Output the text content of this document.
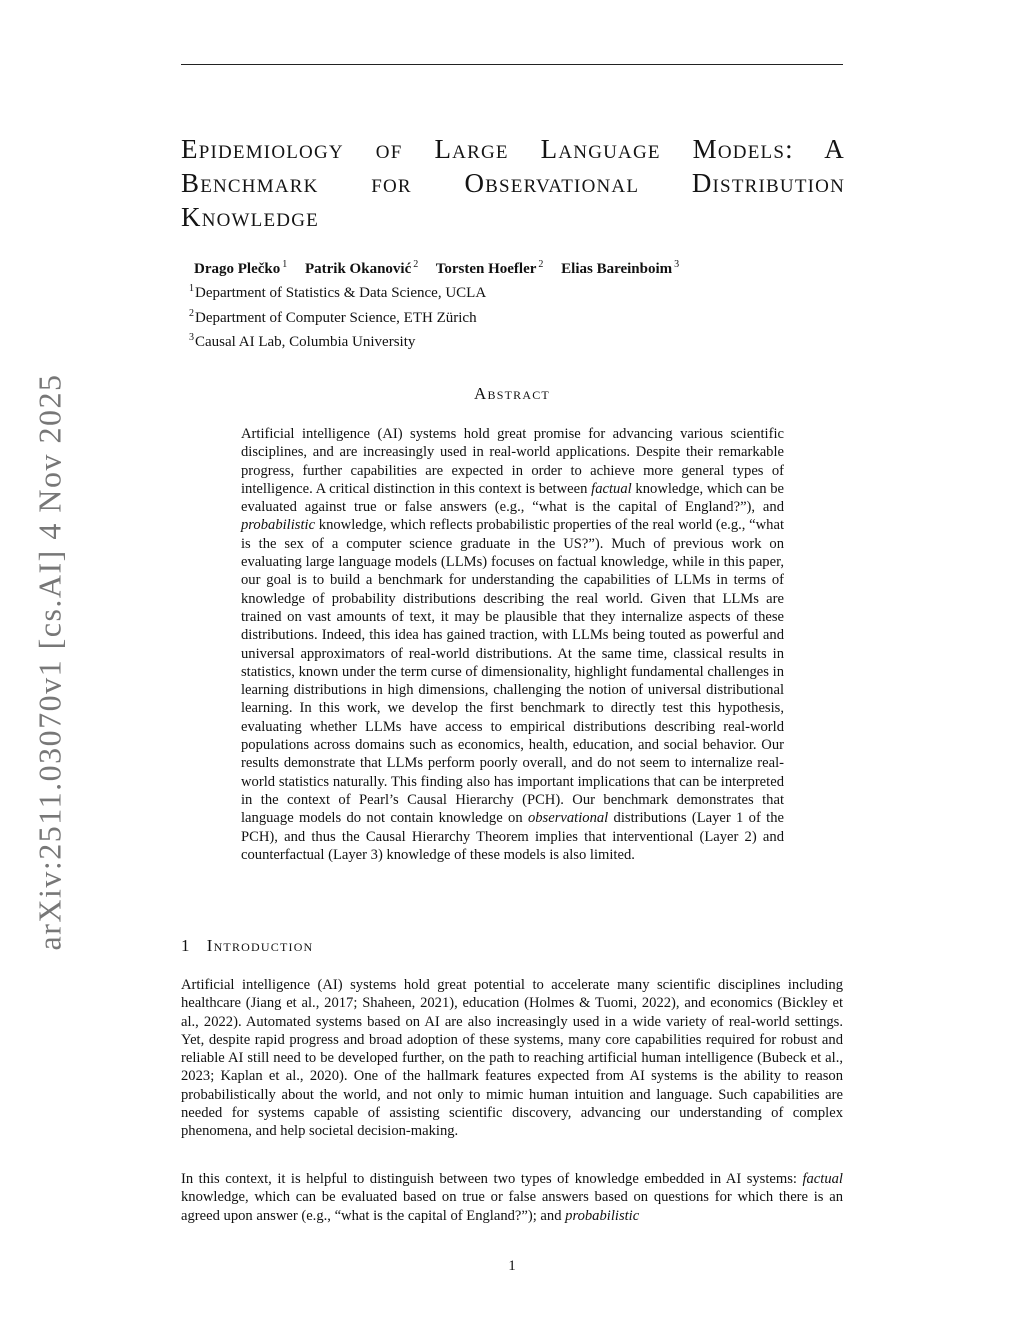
arXiv:2511.03070v1 [cs.AI] 4 Nov 2025
Epidemiology of Large Language Models: A
Benchmark for Observational Distribution
Knowledge
Drago Plečko $^1$ Patrik Okanović $^2$ Torsten Hoefler $^2$ Elias Bareinboim $^3$
$^1$Department of Statistics & Data Science, UCLA
$^2$Department of Computer Science, ETH Zürich
$^3$Causal AI Lab, Columbia University
Abstract
Artificial intelligence (AI) systems hold great promise for advancing various scientific disciplines, and are increasingly used in real-world applications. Despite their remarkable progress, further capabilities are expected in order to achieve more general types of intelligence. A critical distinction in this context is between factual knowledge, which can be evaluated against true or false answers (e.g., “what is the capital of England?”), and probabilistic knowledge, which reflects probabilistic properties of the real world (e.g., “what is the sex of a computer science graduate in the US?”). Much of previous work on evaluating large language models (LLMs) focuses on factual knowledge, while in this paper, our goal is to build a benchmark for understanding the capabilities of LLMs in terms of knowledge of probability distributions describing the real world. Given that LLMs are trained on vast amounts of text, it may be plausible that they internalize aspects of these distributions. Indeed, this idea has gained traction, with LLMs being touted as powerful and universal approximators of real-world distributions. At the same time, classical results in statistics, known under the term curse of dimensionality, highlight fundamental challenges in learning distributions in high dimensions, challenging the notion of universal distributional learning. In this work, we develop the first benchmark to directly test this hypothesis, evaluating whether LLMs have access to empirical distributions describing real-world populations across domains such as economics, health, education, and social behavior. Our results demonstrate that LLMs perform poorly overall, and do not seem to internalize real-world statistics naturally. This finding also has important implications that can be interpreted in the context of Pearl’s Causal Hierarchy (PCH). Our benchmark demonstrates that language models do not contain knowledge on observational distributions (Layer 1 of the PCH), and thus the Causal Hierarchy Theorem implies that interventional (Layer 2) and counterfactual (Layer 3) knowledge of these models is also limited.
1 Introduction
Artificial intelligence (AI) systems hold great potential to accelerate many scientific disciplines including healthcare (Jiang et al., 2017; Shaheen, 2021), education (Holmes & Tuomi, 2022), and economics (Bickley et al., 2022). Automated systems based on AI are also increasingly used in a wide variety of real-world settings. Yet, despite rapid progress and broad adoption of these systems, many core capabilities required for robust and reliable AI still need to be developed further, on the path to reaching artificial human intelligence (Bubeck et al., 2023; Kaplan et al., 2020). One of the hallmark features expected from AI systems is the ability to reason probabilistically about the world, and not only to mimic human intuition and language. Such capabilities are needed for systems capable of assisting scientific discovery, advancing our understanding of complex phenomena, and help societal decision-making.
In this context, it is helpful to distinguish between two types of knowledge embedded in AI systems: factual knowledge, which can be evaluated based on true or false answers based on questions for which there is an agreed upon answer (e.g., “what is the capital of England?”); and probabilistic
1
